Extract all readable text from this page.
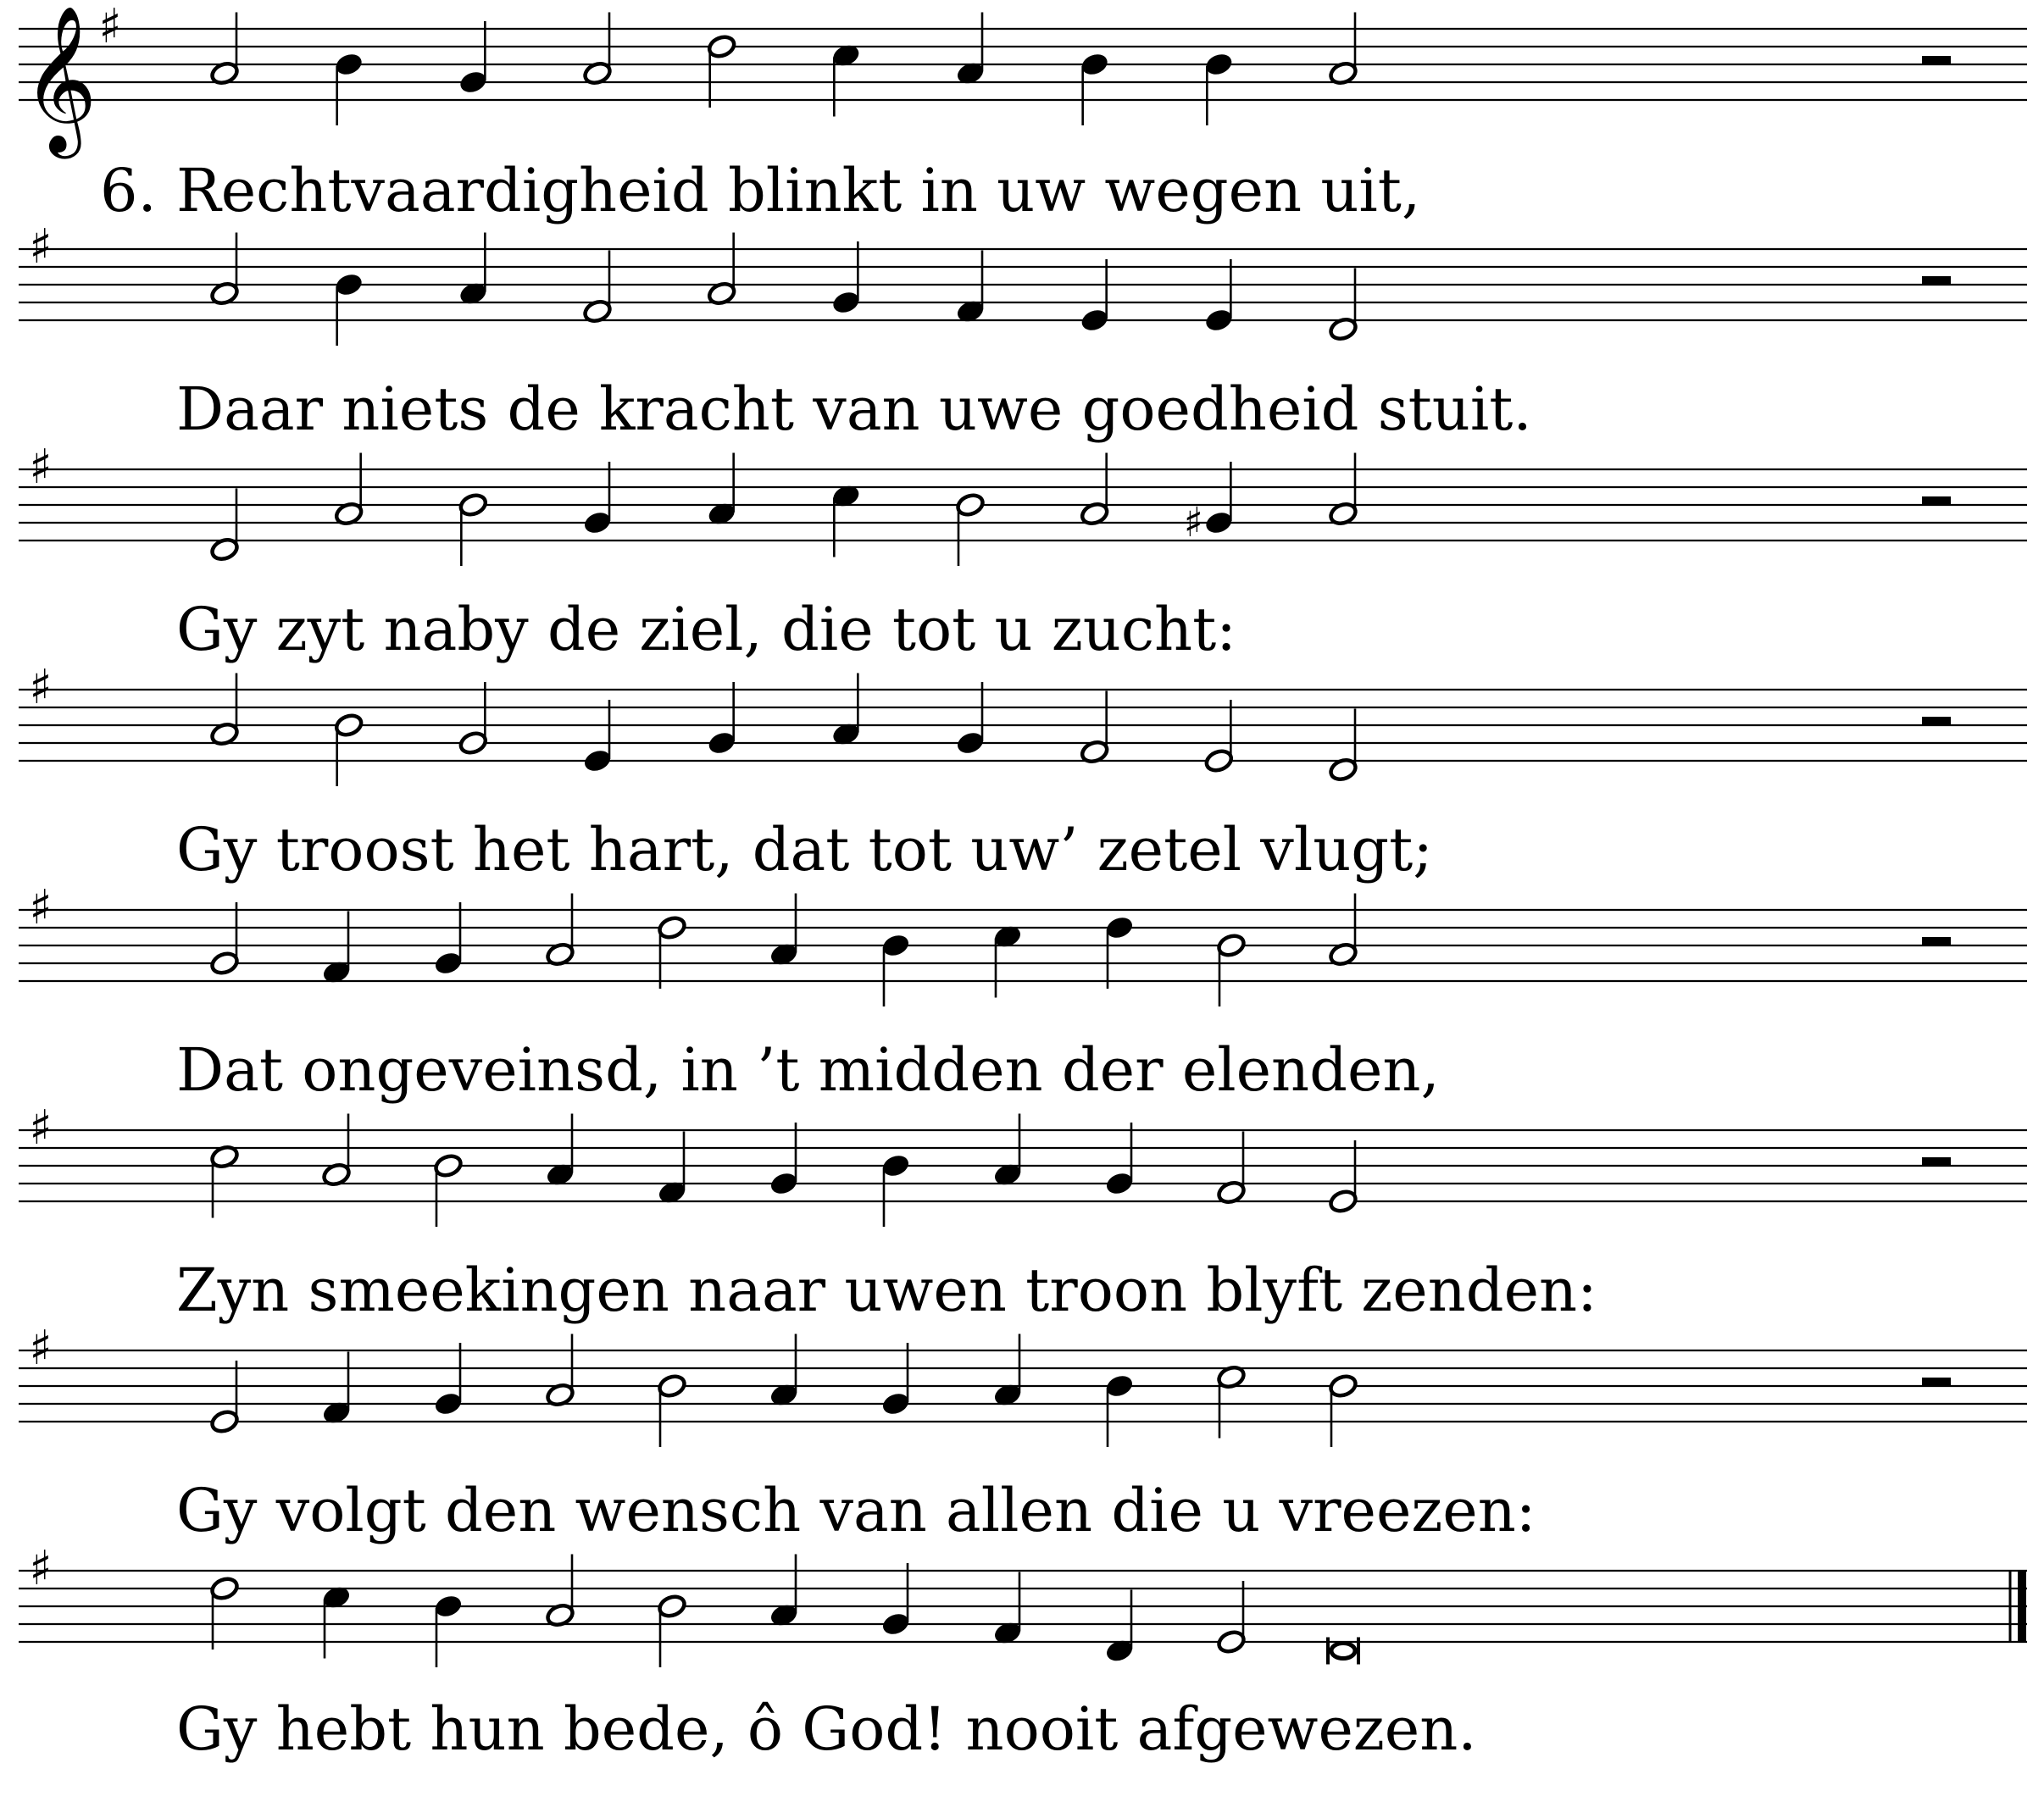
𝄞 ♯
♯
♯
♯
♯
♯
♯
♯
♯
Rechtvaardigheid blinkt in uw wegen uit,
Daar niets de kracht van uwe goedheid stuit.
Gy zyt naby de ziel, die tot u zucht:
Gy troost het hart, dat tot uw’ zetel vlugt;
Dat ongeveinsd, in ’t midden der elenden,
Zyn smeekingen naar uwen troon blyft zenden:
Gy volgt den wensch van allen die u vreezen:
Gy hebt hun bede, ô God! nooit afgewezen.
6.
